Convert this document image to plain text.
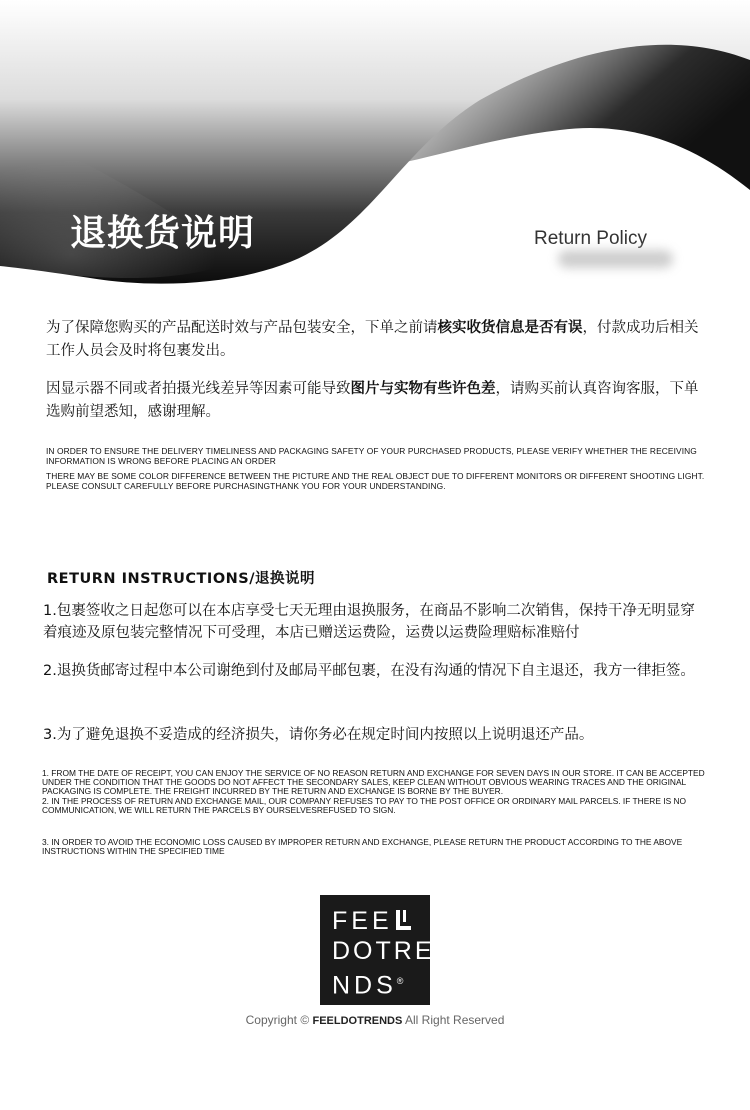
退换货说明	Return Policy

为了保障您购买的产品配送时效与产品包装安全，下单之前请核实收货信息是否有误，付款成功后相关工作人员会及时将包裹发出。

因显示器不同或者拍摄光线差异等因素可能导致图片与实物有些许色差，请购买前认真咨询客服，下单选购前望悉知，感谢理解。

IN ORDER TO ENSURE THE DELIVERY TIMELINESS AND PACKAGING SAFETY OF YOUR PURCHASED PRODUCTS, PLEASE VERIFY WHETHER THE RECEIVING INFORMATION IS WRONG BEFORE PLACING AN ORDER

THERE MAY BE SOME COLOR DIFFERENCE BETWEEN THE PICTURE AND THE REAL OBJECT DUE TO DIFFERENT MONITORS OR DIFFERENT SHOOTING LIGHT. PLEASE CONSULT CAREFULLY BEFORE PURCHASINGTHANK YOU FOR YOUR UNDERSTANDING.

RETURN INSTRUCTIONS/退换说明

1.包裹签收之日起您可以在本店享受七天无理由退换服务，在商品不影响二次销售，保持干净无明显穿着痕迹及原包装完整情况下可受理，本店已赠送运费险，运费以运费险理赔标准赔付

2.退换货邮寄过程中本公司谢绝到付及邮局平邮包裹，在没有沟通的情况下自主退还，我方一律拒签。

3.为了避免退换不妥造成的经济损失，请你务必在规定时间内按照以上说明退还产品。

1. FROM THE DATE OF RECEIPT, YOU CAN ENJOY THE SERVICE OF NO REASON RETURN AND EXCHANGE FOR SEVEN DAYS IN OUR STORE. IT CAN BE ACCEPTED UNDER THE CONDITION THAT THE GOODS DO NOT AFFECT THE SECONDARY SALES, KEEP CLEAN WITHOUT OBVIOUS WEARING TRACES AND THE ORIGINAL PACKAGING IS COMPLETE. THE FREIGHT INCURRED BY THE RETURN AND EXCHANGE IS BORNE BY THE BUYER.

2. IN THE PROCESS OF RETURN AND EXCHANGE MAIL, OUR COMPANY REFUSES TO PAY TO THE POST OFFICE OR ORDINARY MAIL PARCELS. IF THERE IS NO COMMUNICATION, WE WILL RETURN THE PARCELS BY OURSELVESREFUSED TO SIGN.

3. IN ORDER TO AVOID THE ECONOMIC LOSS CAUSED BY IMPROPER RETURN AND EXCHANGE, PLEASE RETURN THE PRODUCT ACCORDING TO THE ABOVE INSTRUCTIONS WITHIN THE SPECIFIED TIME

FEE
DOTRE
NDS®
Copyright © FEELDOTRENDS All Right Reserved
